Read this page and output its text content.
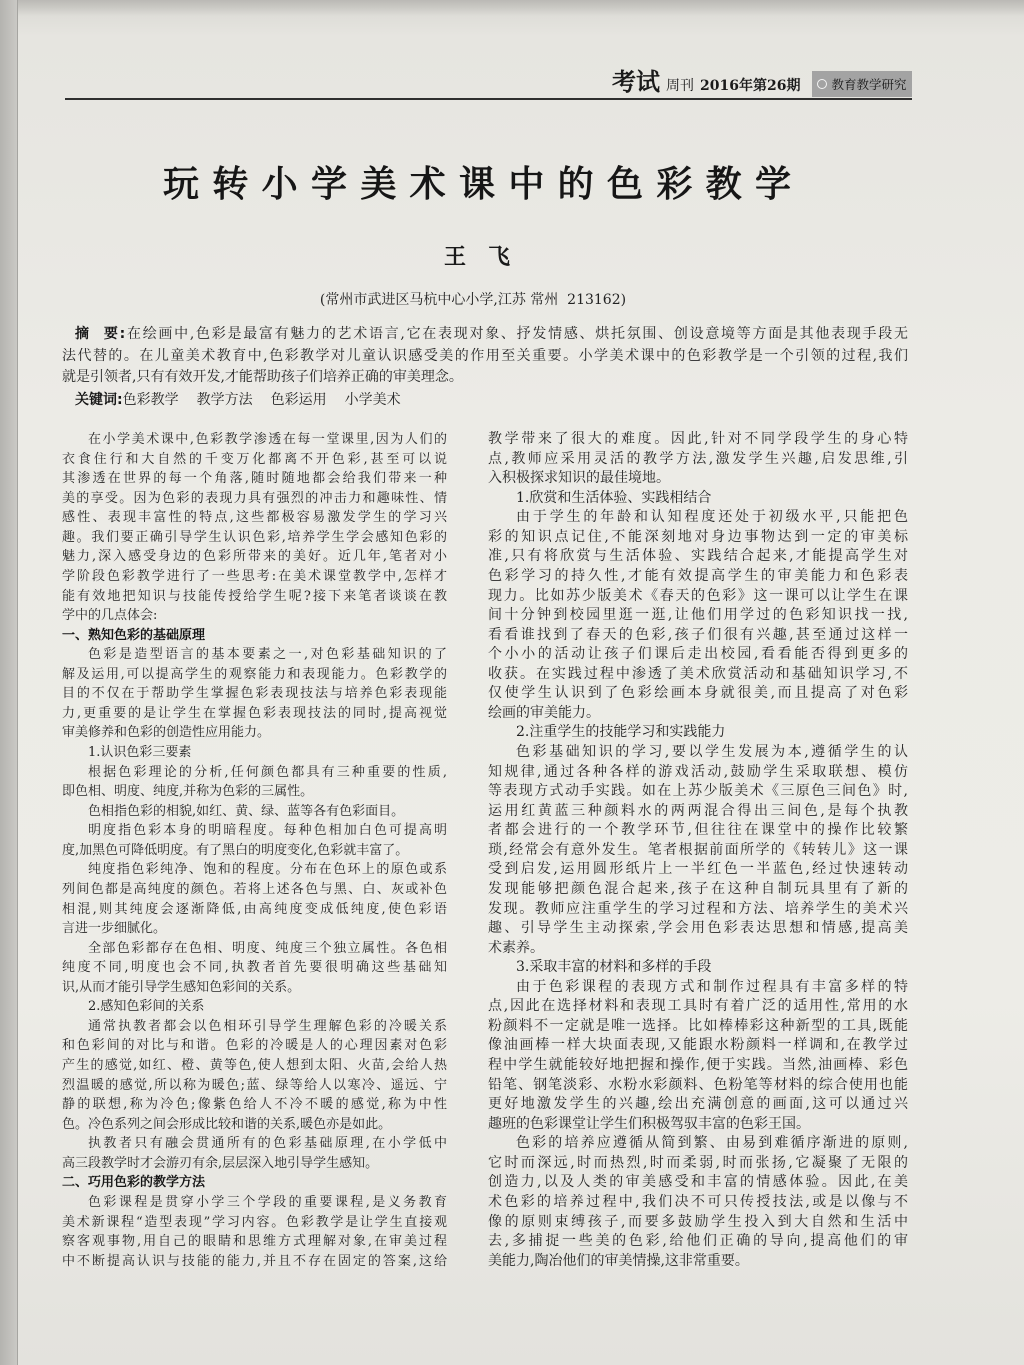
考试 周刊 2016年第26期 教育教学研究
玩转小学美术课中的色彩教学
王 飞
(常州市武进区马杭中心小学,江苏 常州  213162)
摘  要:在绘画中,色彩是最富有魅力的艺术语言,它在表现对象、抒发情感、烘托氛围、创设意境等方面是其他表现手段无
法代替的。在儿童美术教育中,色彩教学对儿童认识感受美的作用至关重要。小学美术课中的色彩教学是一个引领的过程,我们
就是引领者,只有有效开发,才能帮助孩子们培养正确的审美理念。
关键词:色彩教学 教学方法 色彩运用 小学美术
在小学美术课中,色彩教学渗透在每一堂课里,因为人们的
衣食住行和大自然的千变万化都离不开色彩,甚至可以说
其渗透在世界的每一个角落,随时随地都会给我们带来一种
美的享受。因为色彩的表现力具有强烈的冲击力和趣味性、情
感性、表现丰富性的特点,这些都极容易激发学生的学习兴
趣。我们要正确引导学生认识色彩,培养学生学会感知色彩的
魅力,深入感受身边的色彩所带来的美好。近几年,笔者对小
学阶段色彩教学进行了一些思考:在美术课堂教学中,怎样才
能有效地把知识与技能传授给学生呢?接下来笔者谈谈在教
学中的几点体会:
一、熟知色彩的基础原理
色彩是造型语言的基本要素之一,对色彩基础知识的了
解及运用,可以提高学生的观察能力和表现能力。色彩教学的
目的不仅在于帮助学生掌握色彩表现技法与培养色彩表现能
力,更重要的是让学生在掌握色彩表现技法的同时,提高视觉
审美修养和色彩的创造性应用能力。
1.认识色彩三要素
根据色彩理论的分析,任何颜色都具有三种重要的性质,
即色相、明度、纯度,并称为色彩的三属性。
色相指色彩的相貌,如红、黄、绿、蓝等各有色彩面目。
明度指色彩本身的明暗程度。每种色相加白色可提高明
度,加黑色可降低明度。有了黑白的明度变化,色彩就丰富了。
纯度指色彩纯净、饱和的程度。分布在色环上的原色或系
列间色都是高纯度的颜色。若将上述各色与黑、白、灰或补色
相混,则其纯度会逐渐降低,由高纯度变成低纯度,使色彩语
言进一步细腻化。
全部色彩都存在色相、明度、纯度三个独立属性。各色相
纯度不同,明度也会不同,执教者首先要很明确这些基础知
识,从而才能引导学生感知色彩间的关系。
2.感知色彩间的关系
通常执教者都会以色相环引导学生理解色彩的冷暖关系
和色彩间的对比与和谐。色彩的冷暖是人的心理因素对色彩
产生的感觉,如红、橙、黄等色,使人想到太阳、火苗,会给人热
烈温暖的感觉,所以称为暖色;蓝、绿等给人以寒冷、遥远、宁
静的联想,称为冷色;像紫色给人不冷不暖的感觉,称为中性
色。冷色系列之间会形成比较和谐的关系,暖色亦是如此。
执教者只有融会贯通所有的色彩基础原理,在小学低中
高三段教学时才会游刃有余,层层深入地引导学生感知。
二、巧用色彩的教学方法
色彩课程是贯穿小学三个学段的重要课程,是义务教育
美术新课程“造型表现”学习内容。色彩教学是让学生直接观
察客观事物,用自己的眼睛和思维方式理解对象,在审美过程
中不断提高认识与技能的能力,并且不存在固定的答案,这给
教学带来了很大的难度。因此,针对不同学段学生的身心特
点,教师应采用灵活的教学方法,激发学生兴趣,启发思维,引
入积极探求知识的最佳境地。
1.欣赏和生活体验、实践相结合
由于学生的年龄和认知程度还处于初级水平,只能把色
彩的知识点记住,不能深刻地对身边事物达到一定的审美标
准,只有将欣赏与生活体验、实践结合起来,才能提高学生对
色彩学习的持久性,才能有效提高学生的审美能力和色彩表
现力。比如苏少版美术《春天的色彩》这一课可以让学生在课
间十分钟到校园里逛一逛,让他们用学过的色彩知识找一找,
看看谁找到了春天的色彩,孩子们很有兴趣,甚至通过这样一
个小小的活动让孩子们课后走出校园,看看能否得到更多的
收获。在实践过程中渗透了美术欣赏活动和基础知识学习,不
仅使学生认识到了色彩绘画本身就很美,而且提高了对色彩
绘画的审美能力。
2.注重学生的技能学习和实践能力
色彩基础知识的学习,要以学生发展为本,遵循学生的认
知规律,通过各种各样的游戏活动,鼓励学生采取联想、模仿
等表现方式动手实践。如在上苏少版美术《三原色三间色》时,
运用红黄蓝三种颜料水的两两混合得出三间色,是每个执教
者都会进行的一个教学环节,但往往在课堂中的操作比较繁
琐,经常会有意外发生。笔者根据前面所学的《转转儿》这一课
受到启发,运用圆形纸片上一半红色一半蓝色,经过快速转动
发现能够把颜色混合起来,孩子在这种自制玩具里有了新的
发现。教师应注重学生的学习过程和方法、培养学生的美术兴
趣、引导学生主动探索,学会用色彩表达思想和情感,提高美
术素养。
3.采取丰富的材料和多样的手段
由于色彩课程的表现方式和制作过程具有丰富多样的特
点,因此在选择材料和表现工具时有着广泛的适用性,常用的水
粉颜料不一定就是唯一选择。比如棒棒彩这种新型的工具,既能
像油画棒一样大块面表现,又能跟水粉颜料一样调和,在教学过
程中学生就能较好地把握和操作,便于实践。当然,油画棒、彩色
铅笔、钢笔淡彩、水粉水彩颜料、色粉笔等材料的综合使用也能
更好地激发学生的兴趣,绘出充满创意的画面,这可以通过兴
趣班的色彩课堂让学生们积极驾驭丰富的色彩王国。
色彩的培养应遵循从简到繁、由易到难循序渐进的原则,
它时而深远,时而热烈,时而柔弱,时而张扬,它凝聚了无限的
创造力,以及人类的审美感受和丰富的情感体验。因此,在美
术色彩的培养过程中,我们决不可只传授技法,或是以像与不
像的原则束缚孩子,而要多鼓励学生投入到大自然和生活中
去,多捕捉一些美的色彩,给他们正确的导向,提高他们的审
美能力,陶冶他们的审美情操,这非常重要。
